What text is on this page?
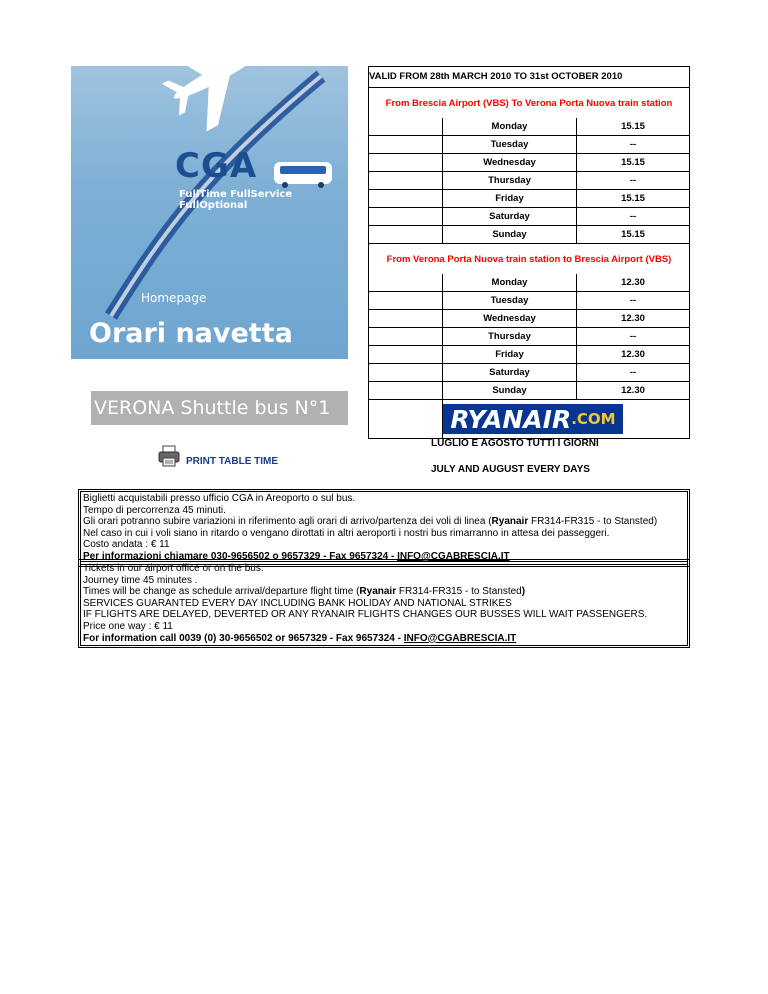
CGA
FullTime FullService FullOptional
Homepage
Orari navetta
VERONA Shuttle bus N°1
PRINT TABLE TIME
VALID FROM 28th MARCH 2010 TO 31st OCTOBER 2010
From Brescia Airport (VBS) To Verona Porta Nuova train station
Monday	15.15
Tuesday	--
Wednesday	15.15
Thursday	--
Friday	15.15
Saturday	--
Sunday	15.15
From Verona Porta Nuova train station to Brescia Airport (VBS)
Monday	12.30
Tuesday	--
Wednesday	12.30
Thursday	--
Friday	12.30
Saturday	--
Sunday	12.30
RYANAIR .COM
LUGLIO E AGOSTO TUTTI I GIORNI
JULY AND AUGUST EVERY DAYS
Biglietti acquistabili presso ufficio CGA in Areoporto o sul bus.
Tempo di percorrenza 45 minuti.
Gli orari potranno subire variazioni in riferimento agli orari di arrivo/partenza dei voli di linea (Ryanair FR314-FR315 - to Stansted)
Nel caso in cui i voli siano in ritardo o vengano dirottati in altri aeroporti i nostri bus rimarranno in attesa dei passeggeri.
Costo andata : € 11
Per informazioni chiamare 030-9656502 o 9657329 - Fax 9657324 - INFO@CGABRESCIA.IT
Tickets in our airport office or on the bus.
Journey time 45 minutes .
Times will be change as schedule arrival/departure flight time (Ryanair FR314-FR315 - to Stansted)
SERVICES GUARANTED EVERY DAY INCLUDING BANK HOLIDAY AND NATIONAL STRIKES
IF FLIGHTS ARE DELAYED, DEVERTED OR ANY RYANAIR FLIGHTS CHANGES OUR BUSSES WILL WAIT PASSENGERS.
Price one way : € 11
For information call 0039 (0) 30-9656502 or 9657329 - Fax 9657324 - INFO@CGABRESCIA.IT
